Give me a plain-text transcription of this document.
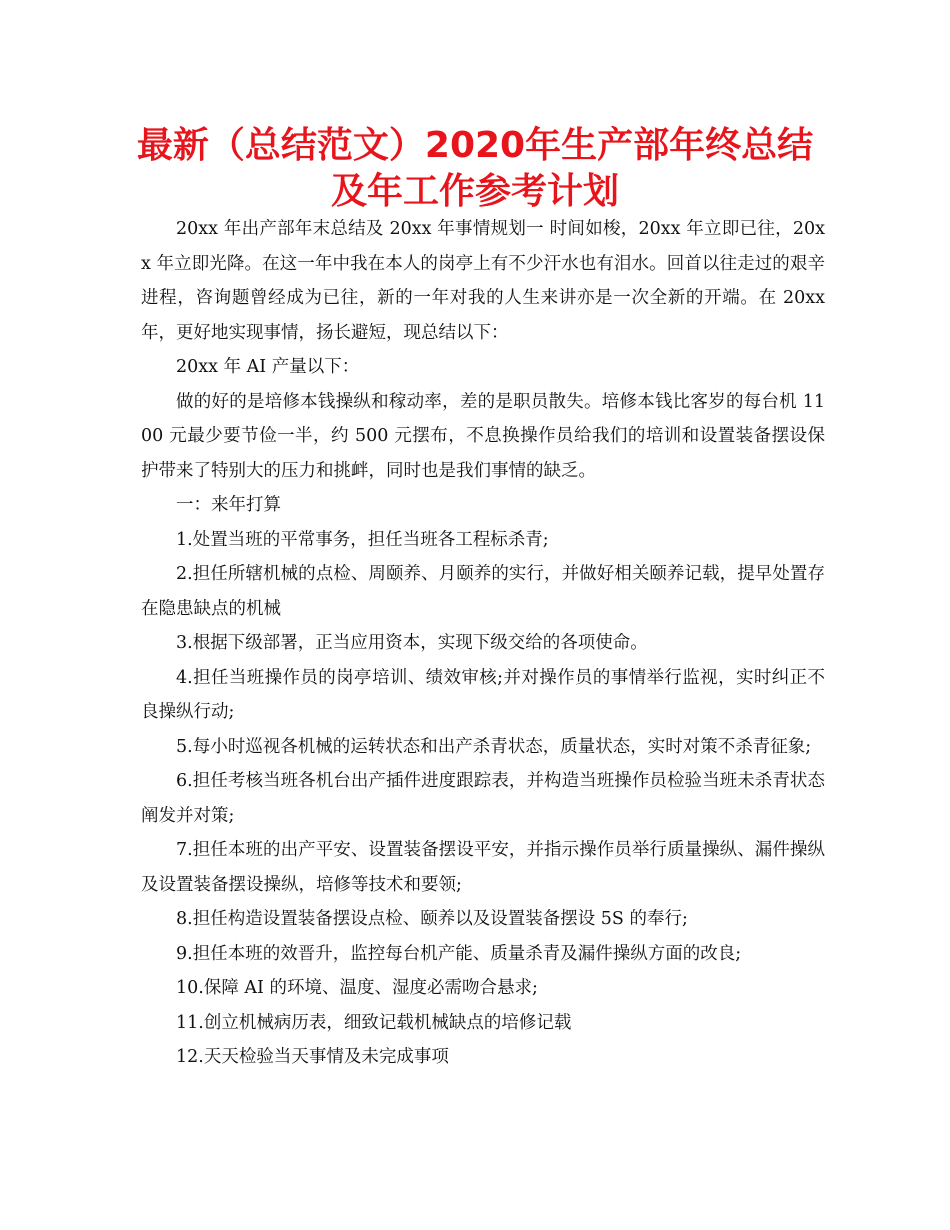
最新（总结范文）2020年生产部年终总结
及年工作参考计划

20xx 年出产部年末总结及 20xx 年事情规划一 时间如梭，20xx 年立即已往，20xx 年立即光降。在这一年中我在本人的岗亭上有不少汗水也有泪水。回首以往走过的艰辛进程，咨询题曾经成为已往，新的一年对我的人生来讲亦是一次全新的开端。在 20xx 年，更好地实现事情，扬长避短，现总结以下：

20xx 年 AI 产量以下：

做的好的是培修本钱操纵和稼动率，差的是职员散失。培修本钱比客岁的每台机 1100 元最少要节俭一半，约 500 元摆布，不息换操作员给我们的培训和设置装备摆设保护带来了特别大的压力和挑衅，同时也是我们事情的缺乏。

一：来年打算

1.处置当班的平常事务，担任当班各工程标杀青;

2.担任所辖机械的点检、周颐养、月颐养的实行，并做好相关颐养记载，提早处置存在隐患缺点的机械

3.根据下级部署，正当应用资本，实现下级交给的各项使命。

4.担任当班操作员的岗亭培训、绩效审核;并对操作员的事情举行监视，实时纠正不良操纵行动;

5.每小时巡视各机械的运转状态和出产杀青状态，质量状态，实时对策不杀青征象;

6.担任考核当班各机台出产插件进度跟踪表，并构造当班操作员检验当班未杀青状态阐发并对策;

7.担任本班的出产平安、设置装备摆设平安，并指示操作员举行质量操纵、漏件操纵及设置装备摆设操纵，培修等技术和要领;

8.担任构造设置装备摆设点检、颐养以及设置装备摆设 5S 的奉行;

9.担任本班的效晋升，监控每台机产能、质量杀青及漏件操纵方面的改良;

10.保障 AI 的环境、温度、湿度必需吻合悬求;

11.创立机械病历表，细致记载机械缺点的培修记载

12.天天检验当天事情及未完成事项
